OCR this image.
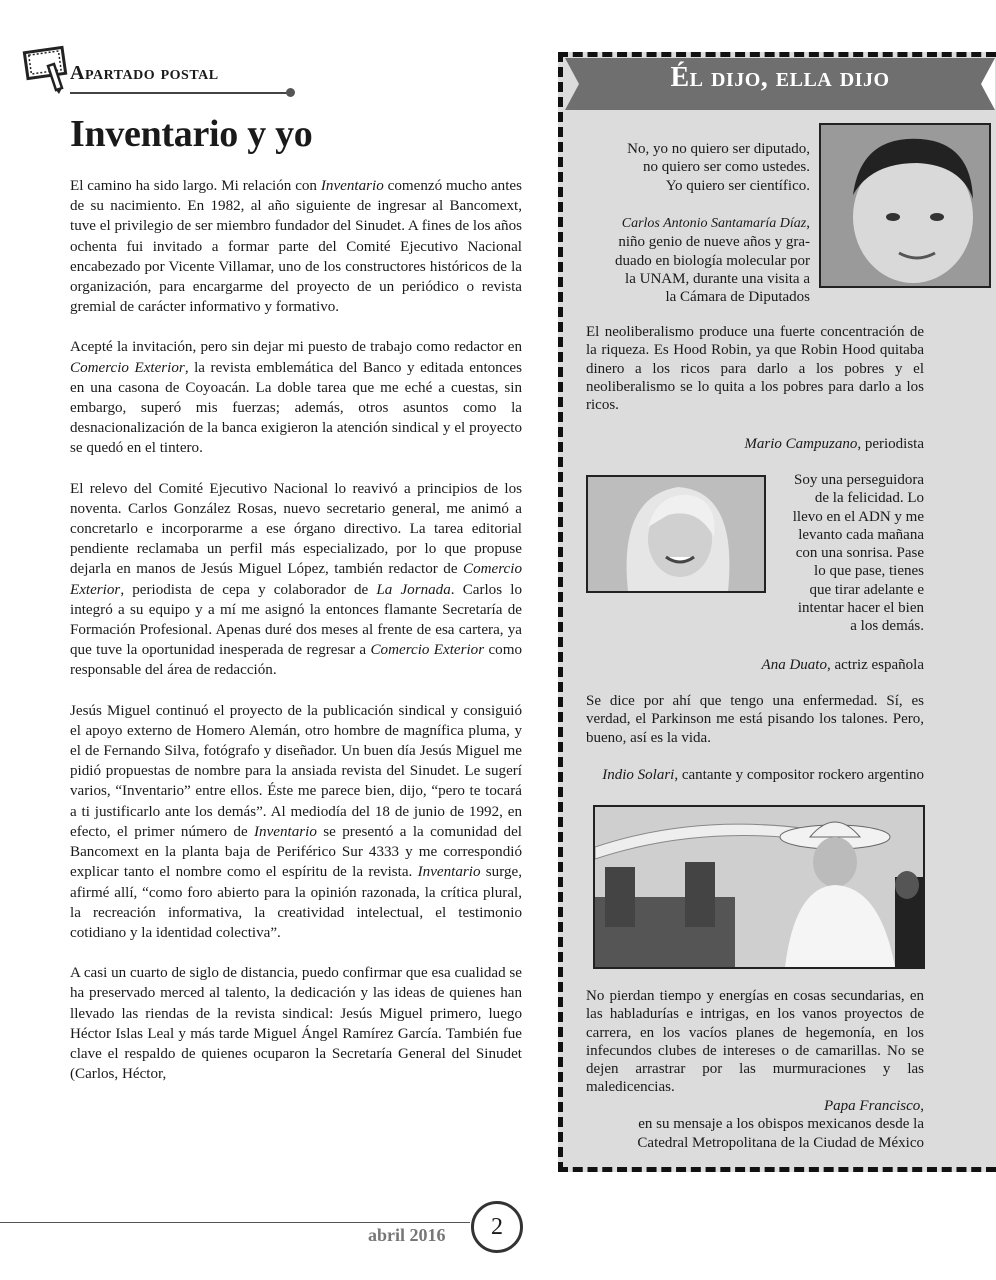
Apartado postal
Inventario y yo

El camino ha sido largo. Mi relación con Inventario comenzó mucho antes de su nacimiento. En 1982, al año siguiente de ingresar al Bancomext, tuve el privilegio de ser miembro fundador del Sinudet. A fines de los años ochenta fui invitado a formar parte del Comité Ejecutivo Nacional encabezado por Vicente Villamar, uno de los constructores históricos de la organización, para encargarme del proyecto de un periódico o revista gremial de carácter informativo y formativo.

Acepté la invitación, pero sin dejar mi puesto de trabajo como redactor en Comercio Exterior, la revista emblemática del Banco y editada entonces en una casona de Coyoacán. La doble tarea que me eché a cuestas, sin embargo, superó mis fuerzas; además, otros asuntos como la desnacionalización de la banca exigieron la atención sindical y el proyecto se quedó en el tintero.

El relevo del Comité Ejecutivo Nacional lo reavivó a principios de los noventa. Carlos González Rosas, nuevo secretario general, me animó a concretarlo e incorporarme a ese órgano directivo. La tarea editorial pendiente reclamaba un perfil más especializado, por lo que propuse dejarla en manos de Jesús Miguel López, también redactor de Comercio Exterior, periodista de cepa y colaborador de La Jornada. Carlos lo integró a su equipo y a mí me asignó la entonces flamante Secretaría de Formación Profesional. Apenas duré dos meses al frente de esa cartera, ya que tuve la oportunidad inesperada de regresar a Comercio Exterior como responsable del área de redacción.

Jesús Miguel continuó el proyecto de la publicación sindical y consiguió el apoyo externo de Homero Alemán, otro hombre de magnífica pluma, y el de Fernando Silva, fotógrafo y diseñador. Un buen día Jesús Miguel me pidió propuestas de nombre para la ansiada revista del Sinudet. Le sugerí varios, “Inventario” entre ellos. Éste me parece bien, dijo, “pero te tocará a ti justificarlo ante los demás”. Al mediodía del 18 de junio de 1992, en efecto, el primer número de Inventario se presentó a la comunidad del Bancomext en la planta baja de Periférico Sur 4333 y me correspondió explicar tanto el nombre como el espíritu de la revista. Inventario surge, afirmé allí, “como foro abierto para la opinión razonada, la crítica plural, la recreación informativa, la creatividad intelectual, el testimonio cotidiano y la identidad colectiva”.

A casi un cuarto de siglo de distancia, puedo confirmar que esa cualidad se ha preservado merced al talento, la dedicación y las ideas de quienes han llevado las riendas de la revista sindical: Jesús Miguel primero, luego Héctor Islas Leal y más tarde Miguel Ángel Ramírez García. También fue clave el respaldo de quienes ocuparon la Secretaría General del Sinudet (Carlos, Héctor,

Él dijo, ella dijo
No, yo no quiero ser diputado,
no quiero ser como ustedes.
Yo quiero ser científico.
Carlos Antonio Santamaría Díaz,
niño genio de nueve años y gra-
duado en biología molecular por
la UNAM, durante una visita a
la Cámara de Diputados
El neoliberalismo produce una fuerte concentración de la riqueza. Es Hood Robin, ya que Robin Hood quitaba dinero a los ricos para darlo a los pobres y el neoliberalismo se lo quita a los pobres para darlo a los ricos.
Mario Campuzano, periodista
Soy una perseguidora
de la felicidad. Lo
llevo en el ADN y me
levanto cada mañana
con una sonrisa. Pase
lo que pase, tienes
que tirar adelante e
intentar hacer el bien
a los demás.
Ana Duato, actriz española
Se dice por ahí que tengo una enfermedad. Sí, es verdad, el Parkinson me está pisando los talones. Pero, bueno, así es la vida.
Indio Solari, cantante y compositor rockero argentino
No pierdan tiempo y energías en cosas secundarias, en las habladurías e intrigas, en los vanos proyectos de carrera, en los vacíos planes de hegemonía, en los infecundos clubes de intereses o de camarillas. No se dejen arrastrar por las murmuraciones y las maledicencias.
Papa Francisco,
en su mensaje a los obispos mexicanos desde la
Catedral Metropolitana de la Ciudad de México
abril 2016	2
